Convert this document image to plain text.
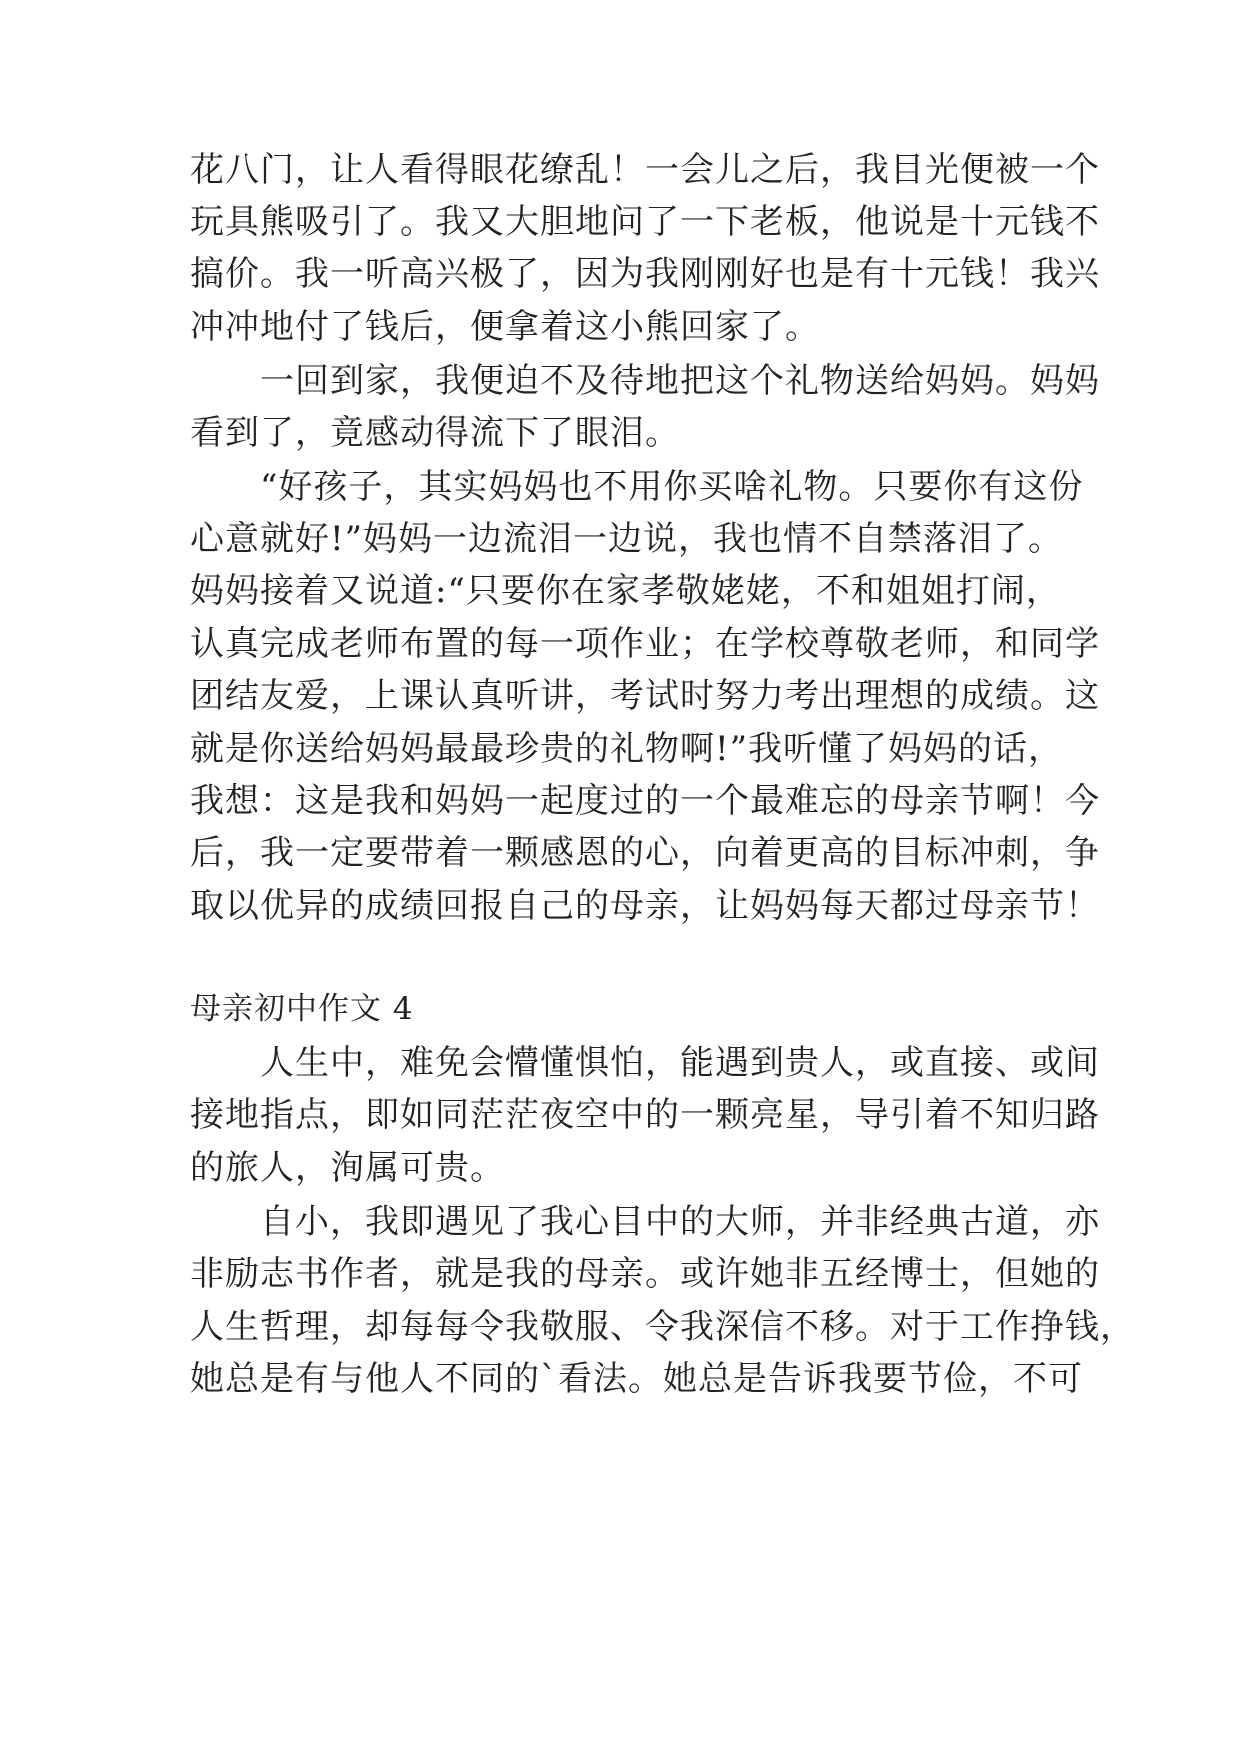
花八门，让人看得眼花缭乱！一会儿之后，我目光便被一个
玩具熊吸引了。我又大胆地问了一下老板，他说是十元钱不
搞价。我一听高兴极了，因为我刚刚好也是有十元钱！我兴
冲冲地付了钱后，便拿着这小熊回家了。
一回到家，我便迫不及待地把这个礼物送给妈妈。妈妈
看到了，竟感动得流下了眼泪。
“好孩子，其实妈妈也不用你买啥礼物。只要你有这份
心意就好!”妈妈一边流泪一边说，我也情不自禁落泪了。
妈妈接着又说道:“只要你在家孝敬姥姥，不和姐姐打闹，
认真完成老师布置的每一项作业；在学校尊敬老师，和同学
团结友爱，上课认真听讲，考试时努力考出理想的成绩。这
就是你送给妈妈最最珍贵的礼物啊!”我听懂了妈妈的话，
我想：这是我和妈妈一起度过的一个最难忘的母亲节啊！今
后，我一定要带着一颗感恩的心，向着更高的目标冲刺，争
取以优异的成绩回报自己的母亲，让妈妈每天都过母亲节！
母亲初中作文 4
人生中，难免会懵懂惧怕，能遇到贵人，或直接、或间
接地指点，即如同茫茫夜空中的一颗亮星，导引着不知归路
的旅人，洵属可贵。
自小，我即遇见了我心目中的大师，并非经典古道，亦
非励志书作者，就是我的母亲。或许她非五经博士，但她的
人生哲理，却每每令我敬服、令我深信不移。对于工作挣钱，
她总是有与他人不同的`看法。她总是告诉我要节俭，不可
